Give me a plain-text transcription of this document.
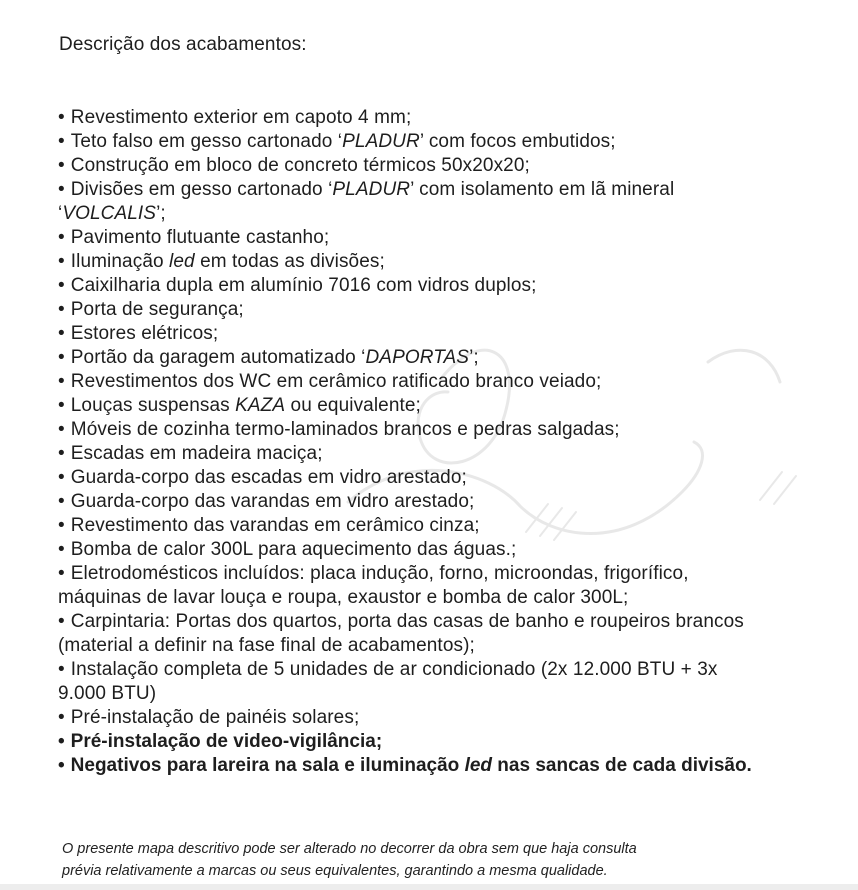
Descrição dos acabamentos:
• Revestimento exterior em capoto 4 mm;
• Teto falso em gesso cartonado ‘PLADUR’ com focos embutidos;
• Construção em bloco de concreto térmicos 50x20x20;
• Divisões em gesso cartonado ‘PLADUR’ com isolamento em lã mineral
‘VOLCALIS’;
• Pavimento flutuante castanho;
• Iluminação led em todas as divisões;
• Caixilharia dupla em alumínio 7016 com vidros duplos;
• Porta de segurança;
• Estores elétricos;
• Portão da garagem automatizado ‘DAPORTAS’;
• Revestimentos dos WC em cerâmico ratificado branco veiado;
• Louças suspensas KAZA ou equivalente;
• Móveis de cozinha termo-laminados brancos e pedras salgadas;
• Escadas em madeira maciça;
• Guarda-corpo das escadas em vidro arestado;
• Guarda-corpo das varandas em vidro arestado;
• Revestimento das varandas em cerâmico cinza;
• Bomba de calor 300L para aquecimento das águas.;
• Eletrodomésticos incluídos: placa indução, forno, microondas, frigorífico,
máquinas de lavar louça e roupa, exaustor e bomba de calor 300L;
• Carpintaria: Portas dos quartos, porta das casas de banho e roupeiros brancos
(material a definir na fase final de acabamentos);
• Instalação completa de 5 unidades de ar condicionado (2x 12.000 BTU + 3x
9.000 BTU)
• Pré-instalação de painéis solares;
• Pré-instalação de video-vigilância;
• Negativos para lareira na sala e iluminação led nas sancas de cada divisão.

O presente mapa descritivo pode ser alterado no decorrer da obra sem que haja consulta
prévia relativamente a marcas ou seus equivalentes, garantindo a mesma qualidade.
